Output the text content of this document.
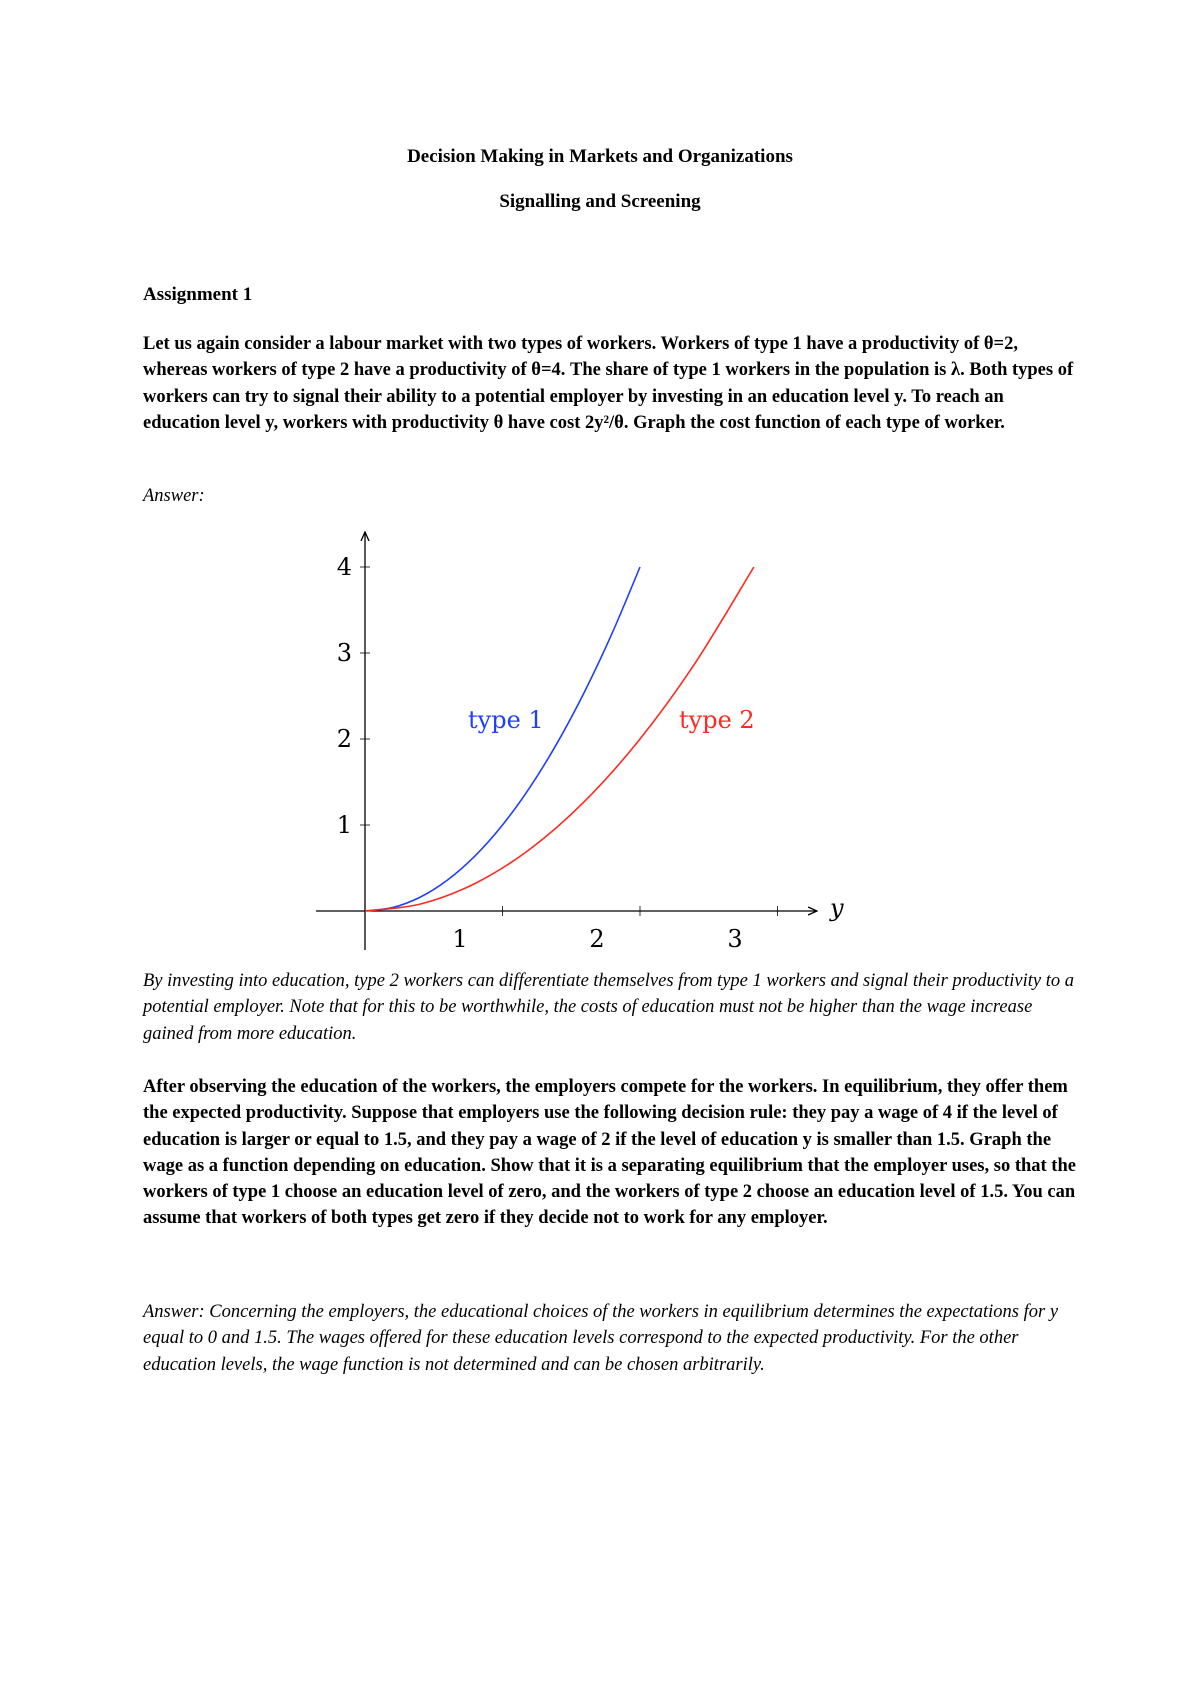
Decision Making in Markets and Organizations
Signalling and Screening
Assignment 1
Let us again consider a labour market with two types of workers. Workers of type 1 have a productivity of θ=2, whereas workers of type 2 have a productivity of θ=4. The share of type 1 workers in the population is λ. Both types of workers can try to signal their ability to a potential employer by investing in an education level y. To reach an education level y, workers with productivity θ have cost 2y²/θ. Graph the cost function of each type of worker.
Answer:
1	2	3
1
2
3
4
y
type 1	type 2
By investing into education, type 2 workers can differentiate themselves from type 1 workers and signal their productivity to a potential employer. Note that for this to be worthwhile, the costs of education must not be higher than the wage increase gained from more education.
After observing the education of the workers, the employers compete for the workers. In equilibrium, they offer them the expected productivity. Suppose that employers use the following decision rule: they pay a wage of 4 if the level of education is larger or equal to 1.5, and they pay a wage of 2 if the level of education y is smaller than 1.5. Graph the wage as a function depending on education. Show that it is a separating equilibrium that the employer uses, so that the workers of type 1 choose an education level of zero, and the workers of type 2 choose an education level of 1.5. You can assume that workers of both types get zero if they decide not to work for any employer.
Answer: Concerning the employers, the educational choices of the workers in equilibrium determines the expectations for y equal to 0 and 1.5. The wages offered for these education levels correspond to the expected productivity. For the other education levels, the wage function is not determined and can be chosen arbitrarily.
